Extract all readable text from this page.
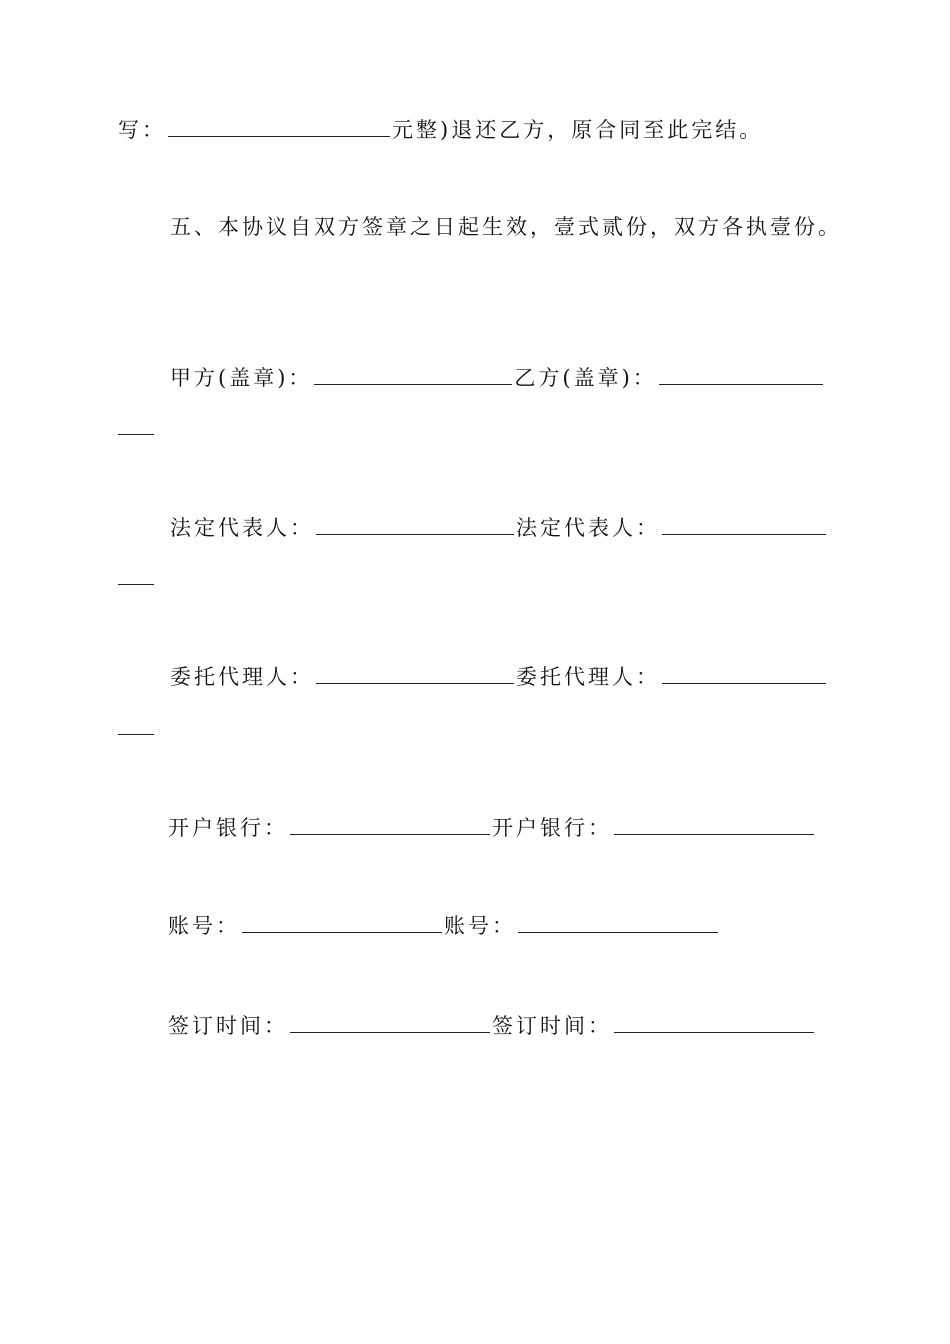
写：	元整)退还乙方，原合同至此完结。
五、本协议自双方签章之日起生效，壹式贰份，双方各执壹份。
甲方(盖章)：	乙方(盖章)：
法定代表人：	法定代表人：
委托代理人：	委托代理人：
开户银行：	开户银行：
账号：	账号：
签订时间：	签订时间：
